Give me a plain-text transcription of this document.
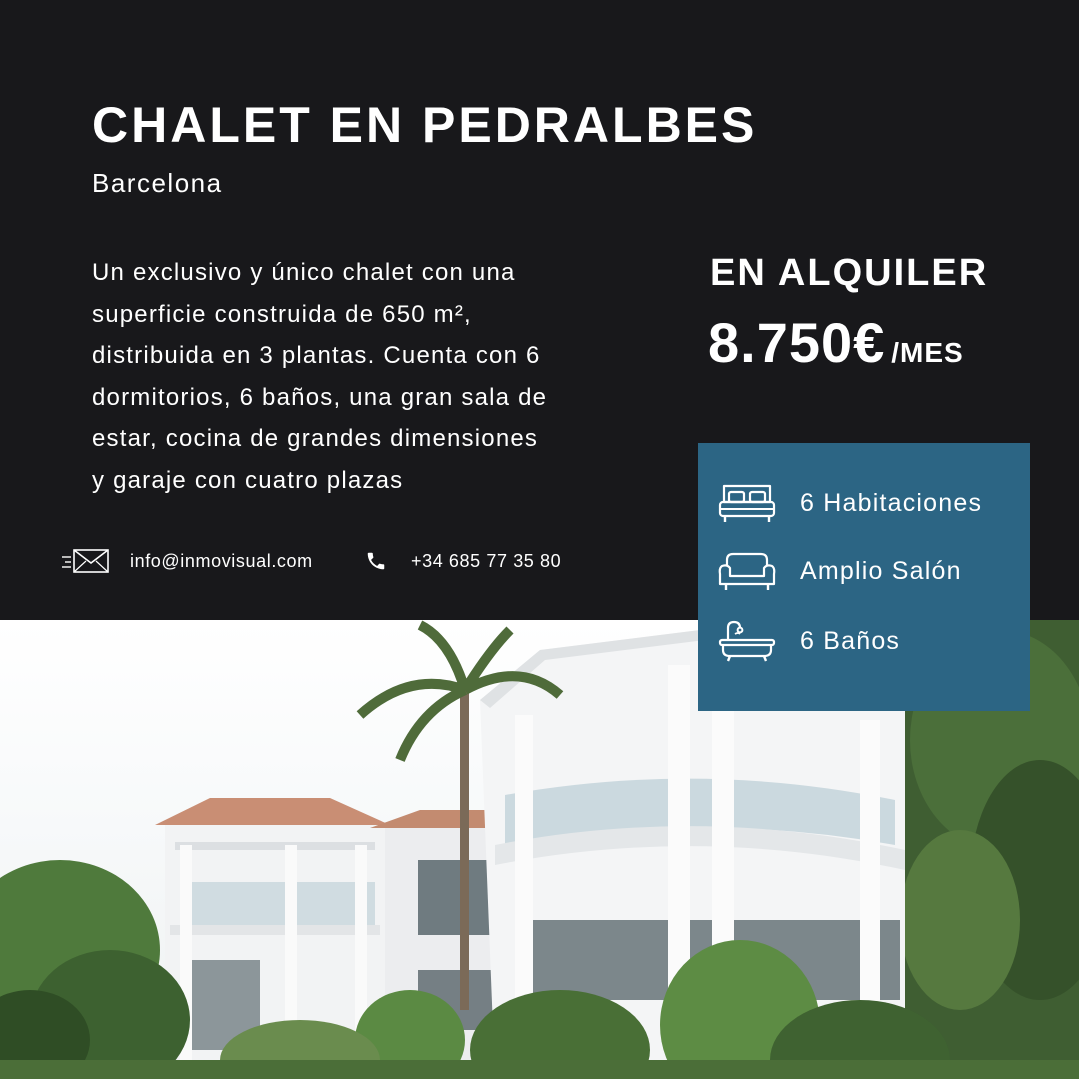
CHALET EN PEDRALBES
Barcelona
Un exclusivo y único chalet con una
superficie construida de 650 m²,
distribuida en 3 plantas. Cuenta con 6
dormitorios, 6 baños, una gran sala de
estar, cocina de grandes dimensiones
y garaje con cuatro plazas
EN ALQUILER
8.750€ /MES
info@inmovisual.com	+34 685 77 35 80
6 Habitaciones
Amplio Salón
6 Baños
